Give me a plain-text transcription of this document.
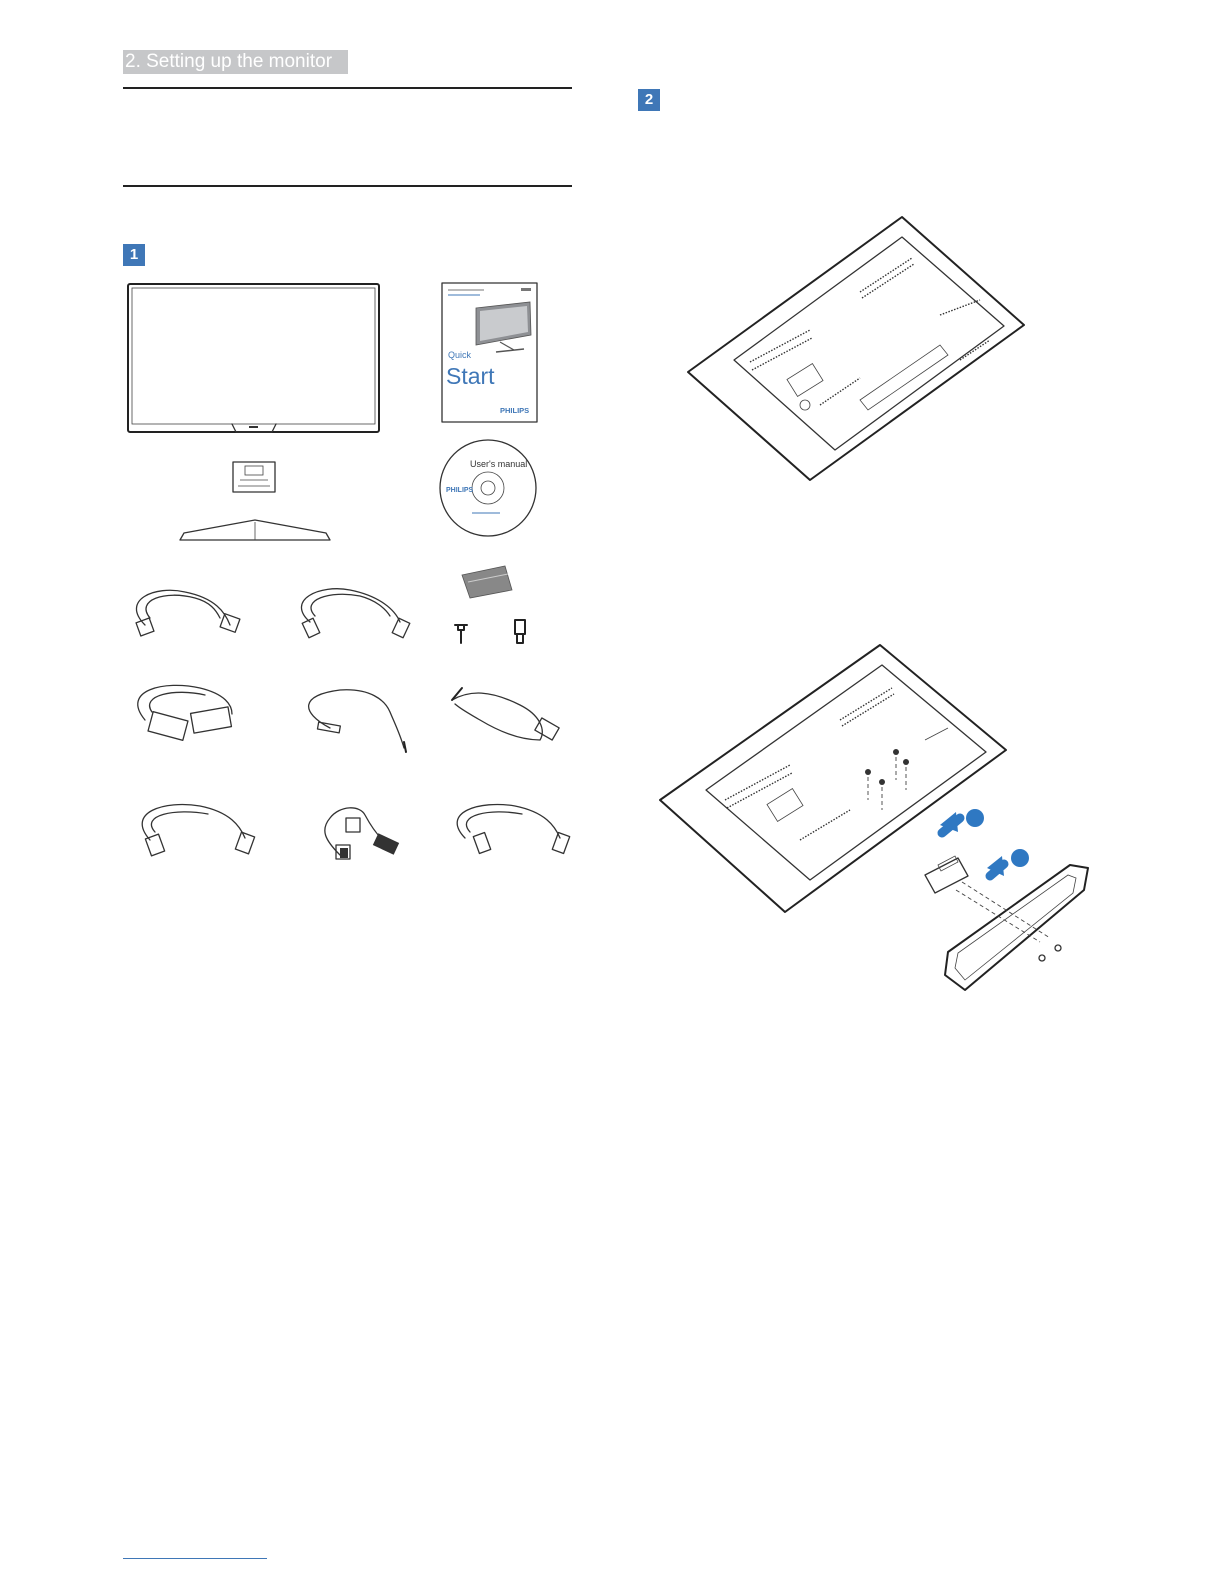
2. Setting up the monitor
1
2
Quick
Start
PHILIPS
User's manual
PHILIPS
